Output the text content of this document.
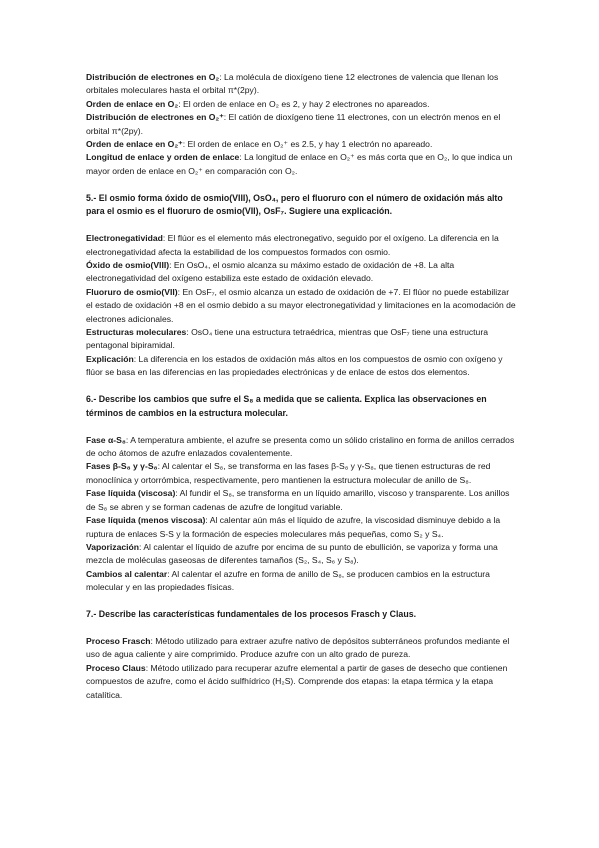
Distribución de electrones en O₂: La molécula de dioxígeno tiene 12 electrones de valencia que llenan los orbitales moleculares hasta el orbital π*(2py).

Orden de enlace en O₂: El orden de enlace en O₂ es 2, y hay 2 electrones no apareados.

Distribución de electrones en O₂⁺: El catión de dioxígeno tiene 11 electrones, con un electrón menos en el orbital π*(2py).

Orden de enlace en O₂⁺: El orden de enlace en O₂⁺ es 2.5, y hay 1 electrón no apareado.

Longitud de enlace y orden de enlace: La longitud de enlace en O₂⁺ es más corta que en O₂, lo que indica un mayor orden de enlace en O₂⁺ en comparación con O₂.

5.- El osmio forma óxido de osmio(VIII), OsO₄, pero el fluoruro con el número de oxidación más alto para el osmio es el fluoruro de osmio(VII), OsF₇. Sugiere una explicación.

Electronegatividad: El flúor es el elemento más electronegativo, seguido por el oxígeno. La diferencia en la electronegatividad afecta la estabilidad de los compuestos formados con osmio.

Óxido de osmio(VIII): En OsO₄, el osmio alcanza su máximo estado de oxidación de +8. La alta electronegatividad del oxígeno estabiliza este estado de oxidación elevado.

Fluoruro de osmio(VII): En OsF₇, el osmio alcanza un estado de oxidación de +7. El flúor no puede estabilizar el estado de oxidación +8 en el osmio debido a su mayor electronegatividad y limitaciones en la acomodación de electrones adicionales.

Estructuras moleculares: OsO₄ tiene una estructura tetraédrica, mientras que OsF₇ tiene una estructura pentagonal bipiramidal.

Explicación: La diferencia en los estados de oxidación más altos en los compuestos de osmio con oxígeno y flúor se basa en las diferencias en las propiedades electrónicas y de enlace de estos dos elementos.

6.- Describe los cambios que sufre el S₈ a medida que se calienta. Explica las observaciones en términos de cambios en la estructura molecular.

Fase α-S₈: A temperatura ambiente, el azufre se presenta como un sólido cristalino en forma de anillos cerrados de ocho átomos de azufre enlazados covalentemente.

Fases β-S₈ y γ-S₈: Al calentar el S₈, se transforma en las fases β-S₈ y γ-S₈, que tienen estructuras de red monoclínica y ortorrómbica, respectivamente, pero mantienen la estructura molecular de anillo de S₈.

Fase líquida (viscosa): Al fundir el S₈, se transforma en un líquido amarillo, viscoso y transparente. Los anillos de S₈ se abren y se forman cadenas de azufre de longitud variable.

Fase líquida (menos viscosa): Al calentar aún más el líquido de azufre, la viscosidad disminuye debido a la ruptura de enlaces S-S y la formación de especies moleculares más pequeñas, como S₂ y S₄.

Vaporización: Al calentar el líquido de azufre por encima de su punto de ebullición, se vaporiza y forma una mezcla de moléculas gaseosas de diferentes tamaños (S₂, S₄, S₆ y S₈).

Cambios al calentar: Al calentar el azufre en forma de anillo de S₈, se producen cambios en la estructura molecular y en las propiedades físicas.

7.- Describe las características fundamentales de los procesos Frasch y Claus.

Proceso Frasch: Método utilizado para extraer azufre nativo de depósitos subterráneos profundos mediante el uso de agua caliente y aire comprimido. Produce azufre con un alto grado de pureza.

Proceso Claus: Método utilizado para recuperar azufre elemental a partir de gases de desecho que contienen compuestos de azufre, como el ácido sulfhídrico (H₂S). Comprende dos etapas: la etapa térmica y la etapa catalítica.
